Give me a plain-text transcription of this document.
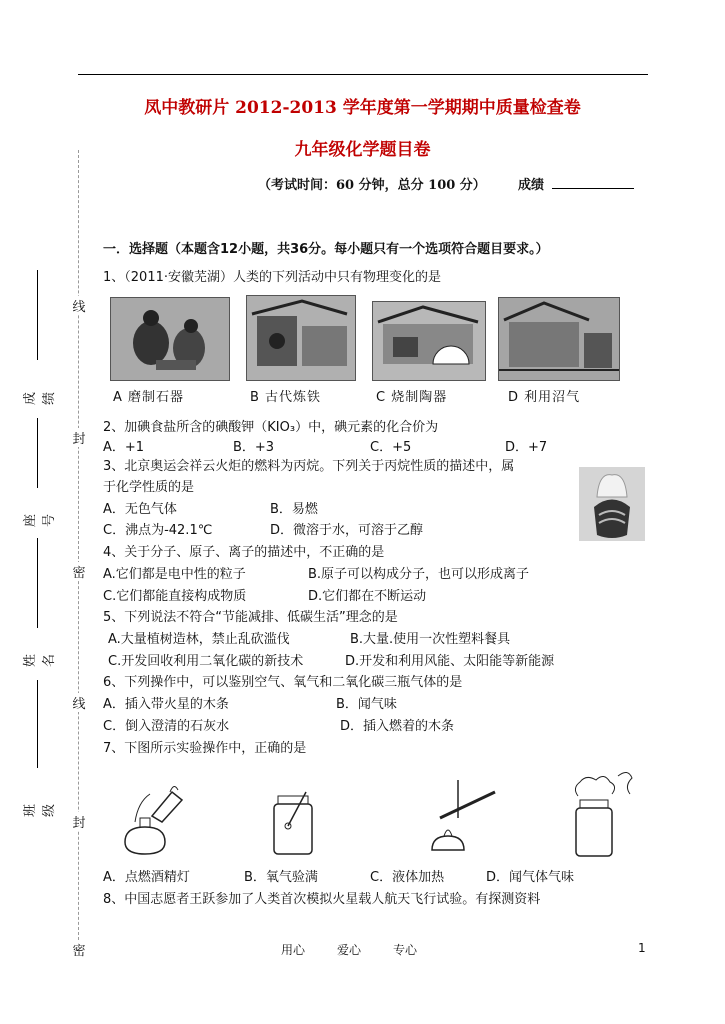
凤中教研片 2012-2013 学年度第一学期期中质量检查卷
九年级化学题目卷
（考试时间：60 分钟，总分 100 分） 成绩
线
封
密
线
封
密
成绩
座号
姓名
班级
一．选择题（本题含12小题，共36分。每小题只有一个选项符合题目要求。）
1、（2011·安徽芜湖）人类的下列活动中只有物理变化的是
A 磨制石器	B 古代炼铁	C 烧制陶器	D 利用沼气
2、加碘食盐所含的碘酸钾（KIO₃）中，碘元素的化合价为
A．+1	B．+3	C．+5	D．+7
3、北京奥运会祥云火炬的燃料为丙烷。下列关于丙烷性质的描述中，属
于化学性质的是
A．无色气体	B．易燃
C．沸点为-42.1℃	D．微溶于水，可溶于乙醇
4、关于分子、原子、离子的描述中，不正确的是
A.它们都是电中性的粒子	B.原子可以构成分子，也可以形成离子
C.它们都能直接构成物质	D.它们都在不断运动
5、下列说法不符合“节能减排、低碳生活”理念的是
A.大量植树造林，禁止乱砍滥伐	B.大量.使用一次性塑料餐具
C.开发回收利用二氧化碳的新技术	D.开发和利用风能、太阳能等新能源
6、下列操作中，可以鉴别空气、氧气和二氧化碳三瓶气体的是
A．插入带火星的木条	B．闻气味
C．倒入澄清的石灰水	D．插入燃着的木条
7、下图所示实验操作中，正确的是
A．点燃酒精灯	B．氧气验满	C．液体加热	D．闻气体气味
8、中国志愿者王跃参加了人类首次模拟火星载人航天飞行试验。有探测资料
用心	爱心	专心	1
